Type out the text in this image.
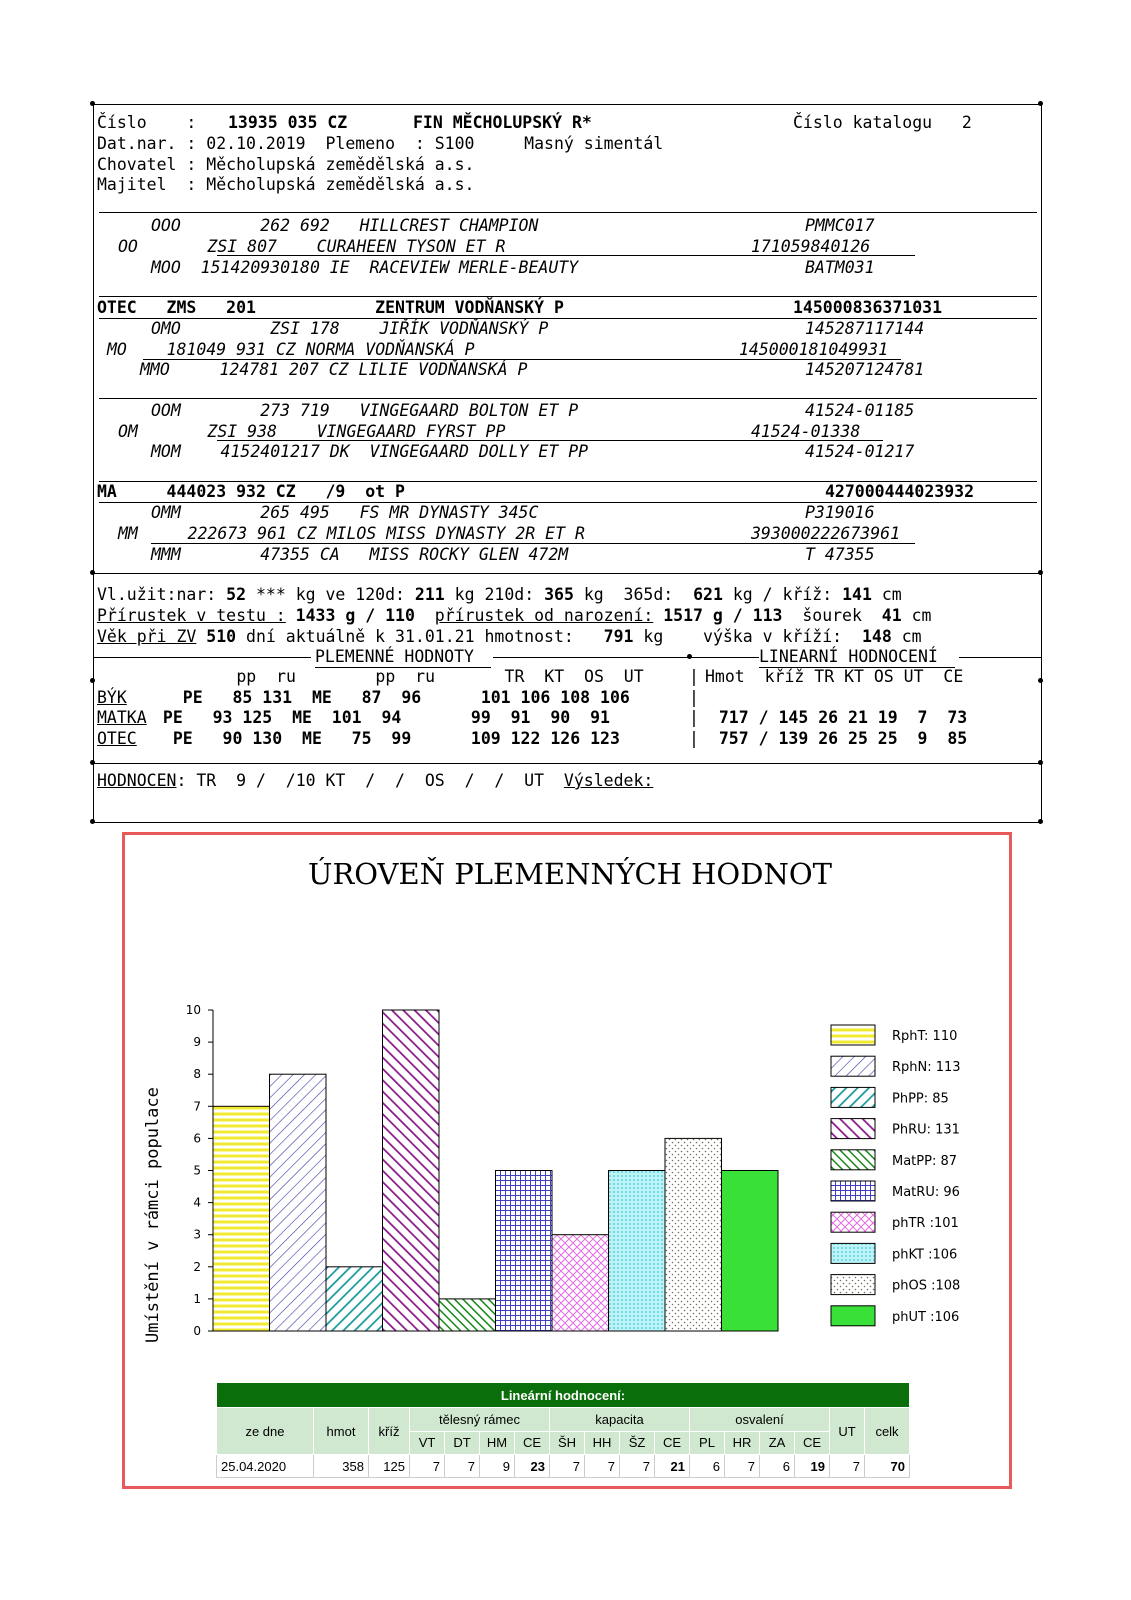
Číslo    : 13935 035 CZ	FIN MĚCHOLUPSKÝ R*	Číslo katalogu   2
Dat.nar. : 02.10.2019  Plemeno  : S100     Masný simentál
Chovatel : Měcholupská zemědělská a.s.
Majitel  : Měcholupská zemědělská a.s.
OOO        262 692   HILLCREST CHAMPION	PMMC017
OO       ZSI 807    CURAHEEN TYSON ET R	171059840126
MOO  151420930180 IE  RACEVIEW MERLE-BEAUTY	BATM031
OTEC   ZMS   201            ZENTRUM VODŇANSKÝ P	145000836371031
OMO         ZSI 178    JIŘÍK VODŇANSKÝ P	145287117144
MO    181049 931 CZ NORMA VODŇANSKÁ P	145000181049931
MMO     124781 207 CZ LILIE VODŇANSKÁ P	145207124781
OOM        273 719   VINGEGAARD BOLTON ET P	41524-01185
OM       ZSI 938    VINGEGAARD FYRST PP	41524-01338
MOM    4152401217 DK  VINGEGAARD DOLLY ET PP	41524-01217
MA     444023 932 CZ   /9  ot P	427000444023932
OMM        265 495   FS MR DYNASTY 345C	P319016
MM     222673 961 CZ MILOS MISS DYNASTY 2R ET R	393000222673961
MMM        47355 CA   MISS ROCKY GLEN 472M	T 47355
Vl.užit:nar: 52 *** kg ve 120d: 211 kg 210d: 365 kg  365d:  621 kg / kříž: 141 cm
Přírustek v testu : 1433 g / 110 přírustek od narození: 1517 g / 113  šourek  41 cm
Věk při ZV 510 dní aktuálně k 31.01.21 hmotnost:   791 kg    výška v kříží:  148 cm
PLEMENNÉ HODNOTY	LINEARNÍ HODNOCENÍ
pp  ru        pp  ru       TR  KT  OS  UT	| Hmot  kříž TR KT OS UT  CE
BÝK PE   85 131  ME   87  96      101 106 108 106	|
MATKA PE   93 125  ME  101  94       99  91  90  91	| 717 / 145 26 21 19  7  73
OTEC PE   90 130  ME   75  99      109 122 126 123	| 757 / 139 26 25 25  9  85
HODNOCEN: TR  9 /  /10 KT  /  /  OS  /  /  UT  Výsledek:
ÚROVEŇ PLEMENNÝCH HODNOT
Umístění v rámci populace	0
1
2
3
4
5
6
7
8
9
10
RphT: 110
RphN: 113
PhPP: 85
PhRU: 131
MatPP: 87
MatRU: 96
phTR :101
phKT :106
phOS :108
phUT :106
Lineární hodnocení:																
ze dne	hmot	kříž	tělesný rámec				kapacita				osvalení				UT	celk
			VT	DT	HM	CE	ŠH	HH	ŠZ	CE	PL	HR	ZA	CE		
25.04.2020	358	125	7	7	9	23	7	7	7	21	6	7	6	19	7	70
